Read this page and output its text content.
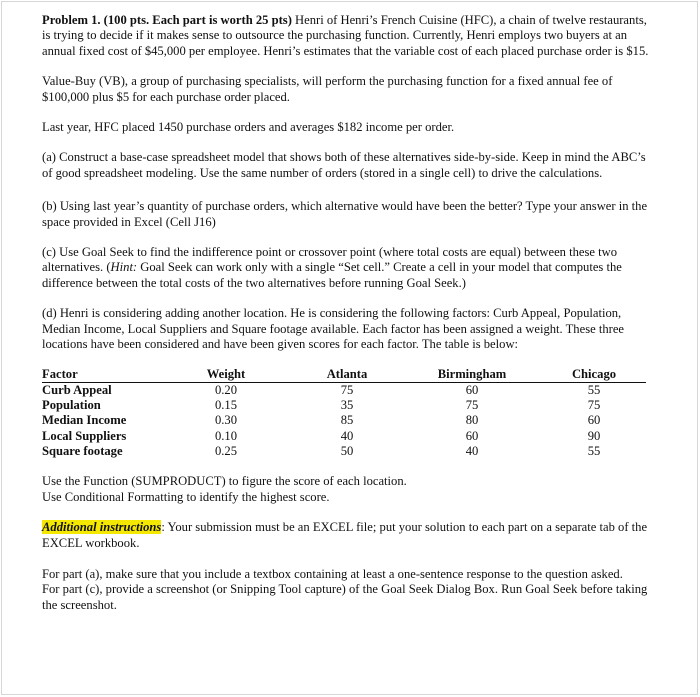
Problem 1. (100 pts. Each part is worth 25 pts) Henri of Henri’s French Cuisine (HFC), a chain of twelve restaurants, is trying to decide if it makes sense to outsource the purchasing function. Currently, Henri employs two buyers at an annual fixed cost of $45,000 per employee. Henri’s estimates that the variable cost of each placed purchase order is $15.

Value-Buy (VB), a group of purchasing specialists, will perform the purchasing function for a fixed annual fee of $100,000 plus $5 for each purchase order placed.

Last year, HFC placed 1450 purchase orders and averages $182 income per order.

(a) Construct a base-case spreadsheet model that shows both of these alternatives side-by-side. Keep in mind the ABC’s of good spreadsheet modeling. Use the same number of orders (stored in a single cell) to drive the calculations.

(b) Using last year’s quantity of purchase orders, which alternative would have been the better? Type your answer in the space provided in Excel (Cell J16)

(c) Use Goal Seek to find the indifference point or crossover point (where total costs are equal) between these two alternatives. (Hint: Goal Seek can work only with a single “Set cell.” Create a cell in your model that computes the difference between the total costs of the two alternatives before running Goal Seek.)

(d) Henri is considering adding another location. He is considering the following factors: Curb Appeal, Population, Median Income, Local Suppliers and Square footage available. Each factor has been assigned a weight. These three locations have been considered and have been given scores for each factor. The table is below:

Factor		Weight		Atlanta		Birmingham		Chicago
Curb Appeal		0.20		75		60		55
Population		0.15		35		75		75
Median Income		0.30		85		80		60
Local Suppliers		0.10		40		60		90
Square footage		0.25		50		40		55

Use the Function (SUMPRODUCT) to figure the score of each location.

Use Conditional Formatting to identify the highest score.

Additional instructions: Your submission must be an EXCEL file; put your solution to each part on a separate tab of the EXCEL workbook.

For part (a), make sure that you include a textbox containing at least a one-sentence response to the question asked.

For part (c), provide a screenshot (or Snipping Tool capture) of the Goal Seek Dialog Box. Run Goal Seek before taking the screenshot.
